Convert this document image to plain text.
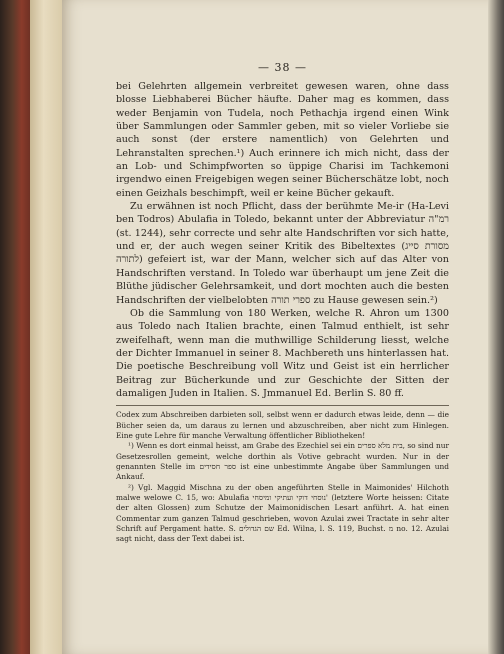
— 38 —

bei Gelehrten allgemein verbreitet gewesen waren, ohne dass blosse Liebhaberei Bücher häufte. Daher mag es kommen, dass weder Benjamin von Tudela, noch Pethachja irgend einen Wink über Sammlungen oder Sammler geben, mit so vieler Vorliebe sie auch sonst (der erstere namentlich) von Gelehrten und Lehranstalten sprechen.¹) Auch erinnere ich mich nicht, dass der an Lob- und Schimpfworten so üppige Charisi im Tachkemoni irgendwo einen Freigebigen wegen seiner Bücherschätze lobt, noch einen Geizhals beschimpft, weil er keine Bücher gekauft.

Zu erwähnen ist noch Pflicht, dass der berühmte Me-ir (Ha-Levi ben Todros) Abulafia in Toledo, bekannt unter der Abbreviatur רמ"ה (st. 1244), sehr correcte und sehr alte Handschriften vor sich hatte, und er, der auch wegen seiner Kritik des Bibeltextes (מסורת סייג לתורה) gefeiert ist, war der Mann, welcher sich auf das Alter von Handschriften verstand. In Toledo war überhaupt um jene Zeit die Blüthe jüdischer Gelehrsamkeit, und dort mochten auch die besten Handschriften der vielbelobten ספרי תורה zu Hause gewesen sein.²)

Ob die Sammlung von 180 Werken, welche R. Ahron um 1300 aus Toledo nach Italien brachte, einen Talmud enthielt, ist sehr zweifelhaft, wenn man die muthwillige Schilderung liesst, welche der Dichter Immanuel in seiner 8. Machbereth uns hinterlassen hat. Die poetische Beschreibung voll Witz und Geist ist ein herrlicher Beitrag zur Bücherkunde und zur Geschichte der Sitten der damaligen Juden in Italien. S. Jmmanuel Ed. Berlin S. 80 ff.

Codex zum Abschreiben darbieten soll, selbst wenn er dadurch etwas leide, denn — die Bücher seien da, um daraus zu lernen und abzuschreiben, aber nicht zum Hinlegen. Eine gute Lehre für manche Verwaltung öffentlicher Bibliotheken!

¹) Wenn es dort einmal heisst, am Grabe des Ezechiel sei ein בית מלא ספרים, so sind nur Gesetzesrollen gemeint, welche dorthin als Votive gebracht wurden. Nur in der genannten Stelle im ספר חסידים ist eine unbestimmte Angabe über Sammlungen und Ankauf.

²) Vgl. Maggid Mischna zu der oben angeführten Stelle in Maimonides' Hilchoth malwe welowe C. 15, wo: Abulafia נוסחי דוקי ועתיקי ומיסחי' (letztere Worte heissen: Citate der alten Glossen) zum Schutze der Maimonidischen Lesart anführt. A. hat einen Commentar zum ganzen Talmud geschrieben, wovon Azulai zwei Tractate in sehr alter Schrift auf Pergament hatte. S. שם הגדולים Ed. Wilna, l. S. 119, Buchst. מ no. 12. Azulai sagt nicht, dass der Text dabei ist.
